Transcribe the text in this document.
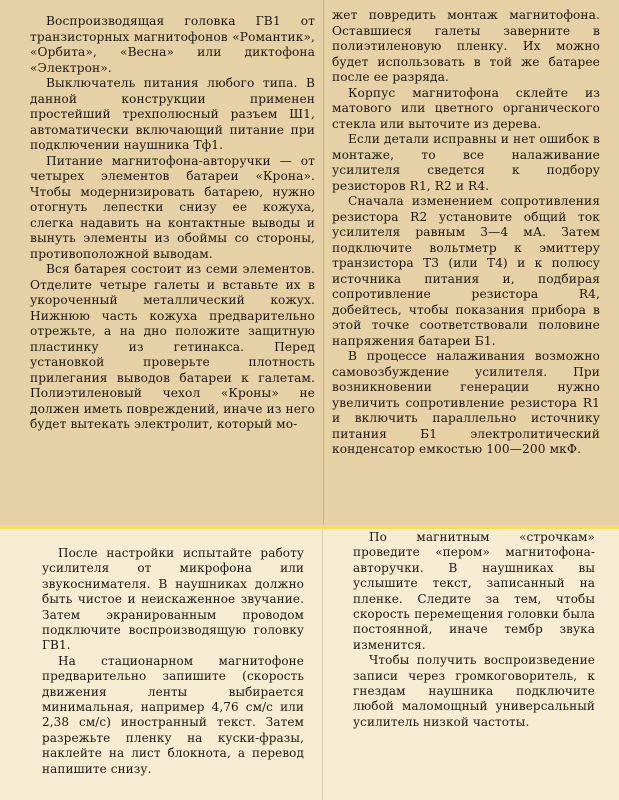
Воспроизводящая головка ГВ1 от транзисторных магнитофонов «Романтик», «Орбита», «Весна» или диктофона «Электрон».

Выключатель питания любого типа. В данной конструкции применен простейший трехполюсный разъем Ш1, автоматически включающий питание при подключении наушника Тф1.

Питание магнитофона-авторучки — от четырех элементов батареи «Крона». Чтобы модернизировать батарею, нужно отогнуть лепестки снизу ее кожуха, слегка надавить на контактные выводы и вынуть элементы из обоймы со стороны, противоположной выводам.

Вся батарея состоит из семи элементов. Отделите четыре галеты и вставьте их в укороченный металлический кожух. Нижнюю часть кожуха предварительно отрежьте, а на дно положите защитную пластинку из гетинакса. Перед установкой проверьте плотность прилегания выводов батареи к галетам. Полиэтиленовый чехол «Кроны» не должен иметь повреждений, иначе из него будет вытекать электролит, который мо-

жет повредить монтаж магнитофона. Оставшиеся галеты заверните в полиэтиленовую пленку. Их можно будет использовать в той же батарее после ее разряда.

Корпус магнитофона склейте из матового или цветного органического стекла или выточите из дерева.

Если детали исправны и нет ошибок в монтаже, то все налаживание усилителя сведется к подбору резисторов R1, R2 и R4.

Сначала изменением сопротивления резистора R2 установите общий ток усилителя равным 3—4 мА. Затем подключите вольтметр к эмиттеру транзистора Т3 (или Т4) и к полюсу источника питания и, подбирая сопротивление резистора R4, добейтесь, чтобы показания прибора в этой точке соответствовали половине напряжения батареи Б1.

В процессе налаживания возможно самовозбуждение усилителя. При возникновении генерации нужно увеличить сопротивление резистора R1 и включить параллельно источнику питания Б1 электролитический конденсатор емкостью 100—200 мкФ.

После настройки испытайте работу усилителя от микрофона или звукоснимателя. В наушниках должно быть чистое и неискаженное звучание. Затем экранированным проводом подключите воспроизводящую головку ГВ1.

На стационарном магнитофоне предварительно запишите (скорость движения ленты выбирается минимальная, например 4,76 см/с или 2,38 см/с) иностранный текст. Затем разрежьте пленку на куски-фразы, наклейте на лист блокнота, а перевод напишите снизу.

По магнитным «строчкам» проведите «пером» магнитофона-авторучки. В наушниках вы услышите текст, записанный на пленке. Следите за тем, чтобы скорость перемещения головки была постоянной, иначе тембр звука изменится.

Чтобы получить воспроизведение записи через громкоговоритель, к гнездам наушника подключите любой маломощный универсальный усилитель низкой частоты.
